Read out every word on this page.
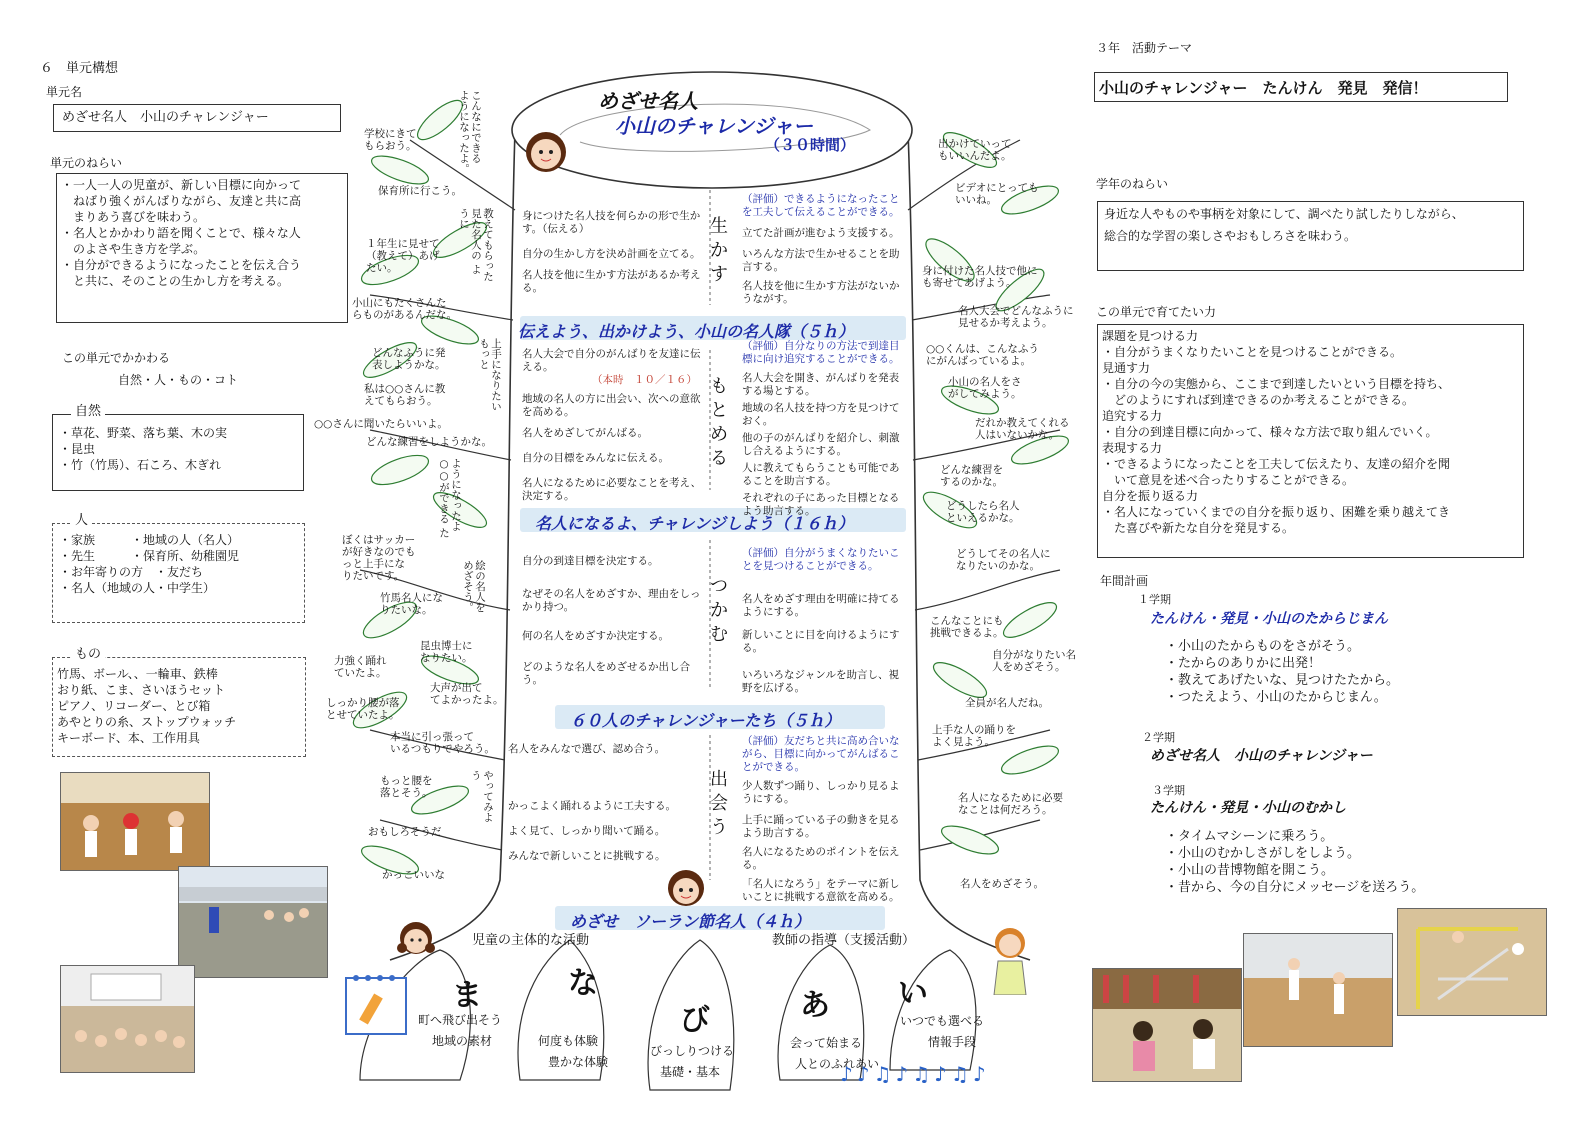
６　単元構想
単元名
めざせ名人　小山のチャレンジャー
単元のねらい
・一人一人の児童が、新しい目標に向かって
　ねばり強くがんばりながら、友達と共に高
　まりあう喜びを味わう。
・名人とかかわり語を聞くことで、様々な人
　のよさや生き方を学ぶ。
・自分ができるようになったことを伝え合う
　と共に、そのことの生かし方を考える。
この単元でかかわる
自然・人・もの・コト
自然
・草花、野菜、落ち葉、木の実
・昆虫
・竹（竹馬）、石ころ、木ぎれ
人
・家族　　　・地域の人（名人）
・先生　　　・保育所、幼稚園児
・お年寄りの方　・友だち
・名人（地域の人・中学生）
もの
竹馬、ボール、、一輪車、鉄棒
おり紙、こま、さいほうセット
ピアノ、リコーダー、とび箱
あやとりの糸、ストップウォッチ
キーボード、本、工作用具
めざせ名人
小山のチャレンジャー
（３０時間）
伝えよう、出かけよう、小山の名人隊（５ｈ）
名人になるよ、チャレンジしよう（１６ｈ）
６０人のチャレンジャーたち（５ｈ）
めざせ　ソーラン節名人（４ｈ）
生かす
もとめる
つかむ
出会う
身につけた名人技を何らかの形で生かす。（伝える）
自分の生かし方を決め計画を立てる。
名人技を他に生かす方法があるか考える。
（評価）できるようになったことを工夫して伝えることができる。
立てた計画が進むよう支援する。
いろんな方法で生かせることを助言する。
名人技を他に生かす方法がないかうながす。
名人大会で自分のがんばりを友達に伝える。
（本時　１０／１６）
地域の名人の方に出会い、次への意欲を高める。
名人をめざしてがんばる。
自分の目標をみんなに伝える。
名人になるために必要なことを考え、決定する。
（評価）自分なりの方法で到達目標に向け追究することができる。
名人大会を開き、がんばりを発表する場とする。
地域の名人技を持つ方を見つけておく。
他の子のがんばりを紹介し、刺激し合えるようにする。
人に教えてもらうことも可能であることを助言する。
それぞれの子にあった目標となるよう助言する。
自分の到達目標を決定する。
なぜその名人をめざすか、理由をしっかり持つ。
何の名人をめざすか決定する。
どのような名人をめざせるか出し合う。
（評価）自分がうまくなりたいことを見つけることができる。
名人をめざす理由を明確に持てるようにする。
新しいことに目を向けるようにする。
いろいろなジャンルを助言し、視野を広げる。
名人をみんなで選び、認め合う。
かっこよく踊れるように工夫する。
よく見て、しっかり聞いて踊る。
みんなで新しいことに挑戦する。
（評価）友だちと共に高め合いながら、目標に向かってがんばることができる。
少人数ずつ踊り、しっかり見るようにする。
上手に踊っている子の動きを見るよう助言する。
名人になるためのポイントを伝える。
「名人になろう」をテーマに新しいことに挑戦する意欲を高める。
児童の主体的な活動	教師の指導（支援活動）
ま
町へ飛び出そう
地域の素材
な
何度も体験
豊かな体験
び
びっしりつける
基礎・基本
あ
会って始まる
人とのふれあい
い
いつでも選べる
情報手段
♪♪♫♪♫♪♫♪
学校にきて
もらおう。
保育所に行こう。
１年生に見せて
（教えて）あげ
たい。
小山にもたくさんた
らものがあるんだな。
どんなふうに発
表しようかな。
私は○○さんに教
えてもらおう。
○○さんに聞いたらいいよ。
どんな練習をしようかな。
ぼくはサッカー
が好きなのでも
っと上手にな
りたいです。
竹馬名人にな
りたいな。
昆虫博士に
なりたい。
力強く踊れ
ていたよ。
大声が出て
てよかったよ。
しっかり腰が落
とせていたよ。
本当に引っ張って
いるつもりでやろう。
もっと腰を
落とそう。
おもしろそうだ
かっこいいな
こんなにできる ようになったよ。
教えてもらった 見た名人の ように
上手になりたい もっと
ようになったよ ○○ができる た
絵の名人を めざそう。
やってみよう
出かけていって
もいいんだよ。
ビデオにとっても
いいね。
身に付けた名人技で他に
も寄せてあげよう。
名人大会でどんなふうに
見せるか考えよう。
○○くんは、こんなふう
にがんばっているよ。
小山の名人をさ
がしてみよう。
だれか教えてくれる
人はいないかな。
どんな練習を
するのかな。
どうしたら名人
といえるかな。
どうしてその名人に
なりたいのかな。
こんなことにも
挑戦できるよ。
自分がなりたい名
人をめざそう。
全員が名人だね。
上手な人の踊りを
よく見よう。
名人になるために必要
なことは何だろう。
名人をめざそう。
３年　活動テーマ
小山のチャレンジャー　たんけん　発見　発信！
学年のねらい
身近な人やものや事柄を対象にして、調べたり試したりしながら、
総合的な学習の楽しさやおもしろさを味わう。
この単元で育てたい力
課題を見つける力
・自分がうまくなりたいことを見つけることができる。
見通す力
・自分の今の実態から、ここまで到達したいという目標を持ち、
　どのようにすれば到達できるのか考えることができる。
追究する力
・自分の到達目標に向かって、様々な方法で取り組んでいく。
表現する力
・できるようになったことを工夫して伝えたり、友達の紹介を聞
　いて意見を述べ合ったりすることができる。
自分を振り返る力
・名人になっていくまでの自分を振り返り、困難を乗り越えてき
　た喜びや新たな自分を発見する。
年間計画
１学期
たんけん・発見・小山のたからじまん
・小山のたからものをさがそう。
・たからのありかに出発！
・教えてあげたいな、見つけたたから。
・つたえよう、小山のたからじまん。
２学期
めざせ名人　小山のチャレンジャー
３学期
たんけん・発見・小山のむかし
・タイムマシーンに乗ろう。
・小山のむかしさがしをしよう。
・小山の昔博物館を開こう。
・昔から、今の自分にメッセージを送ろう。
